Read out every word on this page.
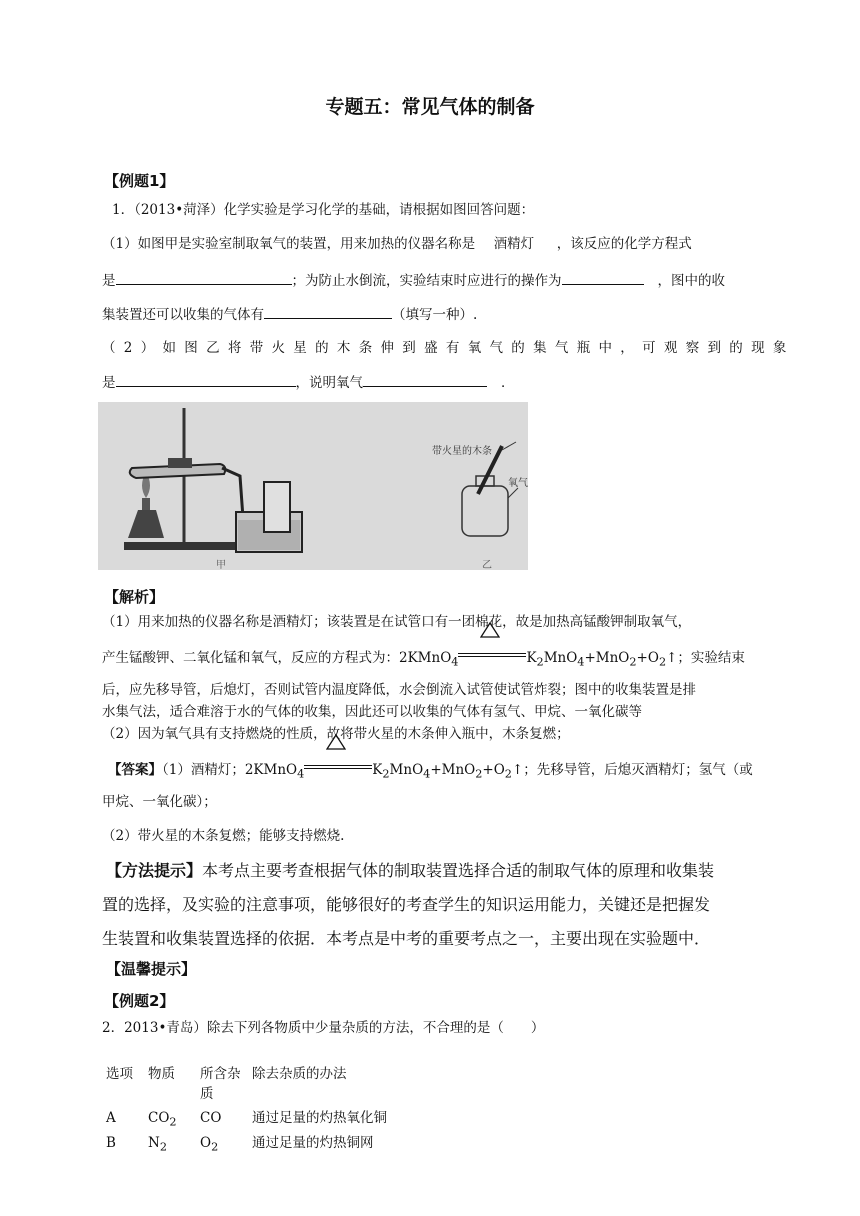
专题五：常见气体的制备
【例题1】
1．（2013•菏泽）化学实验是学习化学的基础，请根据如图回答问题：
（1）如图甲是实验室制取氧气的装置，用来加热的仪器名称是 酒精灯 ，该反应的化学方程式
是	；为防止水倒流，实验结束时应进行的操作为	，图中的收
集装置还可以收集的气体有	（填写一种）.
（2）如图乙将带火星的木条伸到盛有氧气的集气瓶中，可观察到的现象
是	，说明氧气	．
带火星的木条
氧气
甲	乙
【解析】
（1）用来加热的仪器名称是酒精灯；该装置是在试管口有一团棉花，故是加热高锰酸钾制取氧气，
产生锰酸钾、二氧化锰和氧气，反应的方程式为：2KMnO$_4$	$K_2MnO_4+MnO_2+O_2↑$；实验结束
后，应先移导管，后熄灯，否则试管内温度降低，水会倒流入试管使试管炸裂；图中的收集装置是排
水集气法，适合难溶于水的气体的收集，因此还可以收集的气体有氢气、甲烷、一氧化碳等
（2）因为氧气具有支持燃烧的性质，故将带火星的木条伸入瓶中，木条复燃；
【答案】（1）酒精灯；2KMnO$_4$	$K_2MnO_4+MnO_2+O_2↑$；先移导管，后熄灭酒精灯；氢气（或
甲烷、一氧化碳）；
（2）带火星的木条复燃；能够支持燃烧.
【方法提示】本考点主要考查根据气体的制取装置选择合适的制取气体的原理和收集装
置的选择，及实验的注意事项，能够很好的考查学生的知识运用能力，关键还是把握发
生装置和收集装置选择的依据．本考点是中考的重要考点之一，主要出现在实验题中．
【温馨提示】
【例题2】
2．2013•青岛）除去下列各物质中少量杂质的方法，不合理的是（　　）
选项	物质	所含杂质	除去杂质的办法
A	$CO_2$	CO	通过足量的灼热氧化铜
B	$N_2$	$O_2$	通过足量的灼热铜网
